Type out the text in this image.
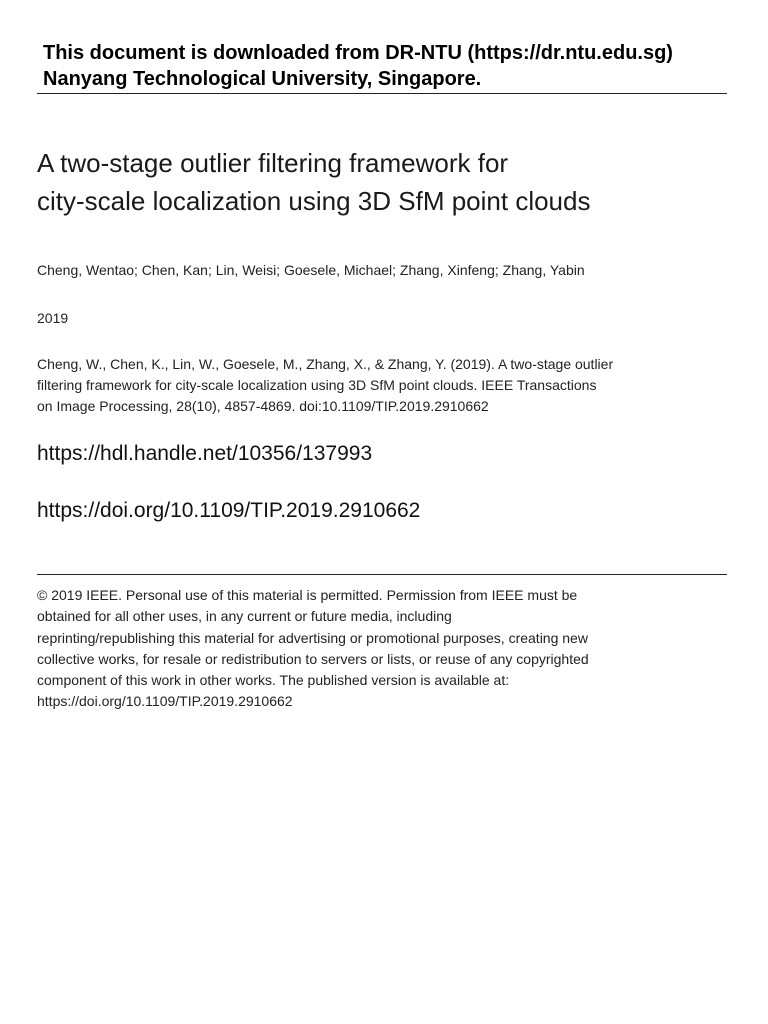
This document is downloaded from DR-NTU (https://dr.ntu.edu.sg)
Nanyang Technological University, Singapore.
A two-stage outlier filtering framework for
city-scale localization using 3D SfM point clouds
Cheng, Wentao; Chen, Kan; Lin, Weisi; Goesele, Michael; Zhang, Xinfeng; Zhang, Yabin
2019
Cheng, W., Chen, K., Lin, W., Goesele, M., Zhang, X., & Zhang, Y. (2019). A two-stage outlier
filtering framework for city-scale localization using 3D SfM point clouds. IEEE Transactions
on Image Processing, 28(10), 4857-4869. doi:10.1109/TIP.2019.2910662
https://hdl.handle.net/10356/137993
https://doi.org/10.1109/TIP.2019.2910662
© 2019 IEEE. Personal use of this material is permitted. Permission from IEEE must be
obtained for all other uses, in any current or future media, including
reprinting/republishing this material for advertising or promotional purposes, creating new
collective works, for resale or redistribution to servers or lists, or reuse of any copyrighted
component of this work in other works. The published version is available at:
https://doi.org/10.1109/TIP.2019.2910662
